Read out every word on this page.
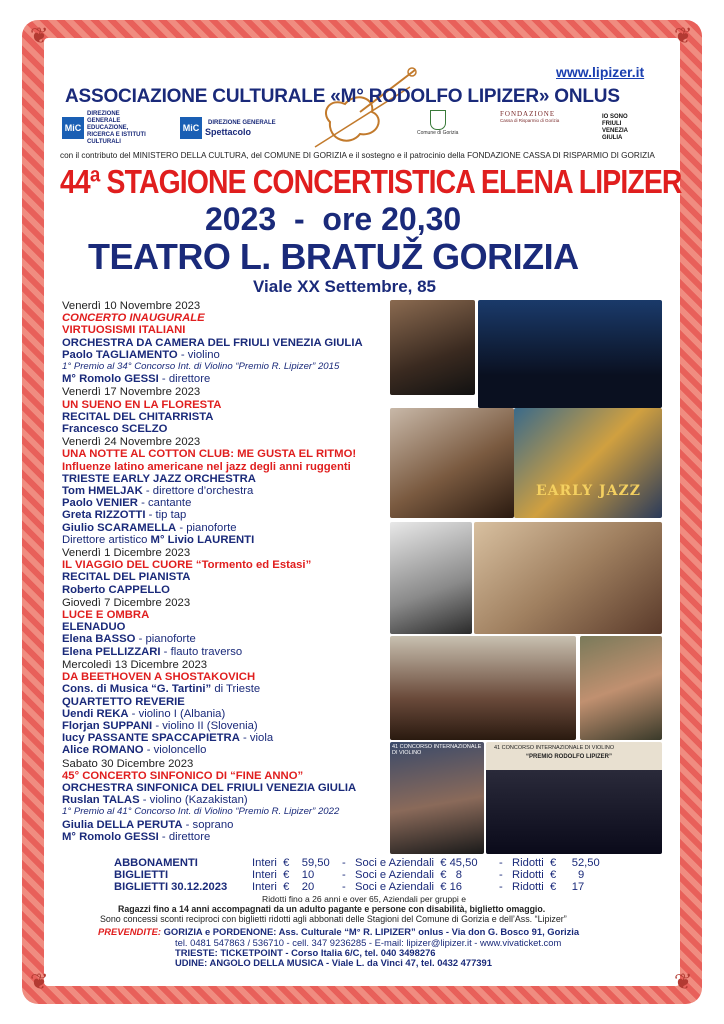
❦	❦
❦	❦
www.lipizer.it
ASSOCIAZIONE CULTURALE «M° RODOLFO LIPIZER» ONLUS
MiC
DIREZIONE GENERALE EDUCAZIONE, RICERCA E ISTITUTI CULTURALI
MiC
DIREZIONE GENERALE
Spettacolo	Comune di Gorizia
FONDAZIONE
Cassa di Risparmio di Gorizia
IO SONO FRIULI VENEZIA GIULIA
con il contributo del MINISTERO DELLA CULTURA, del COMUNE DI GORIZIA e il sostegno e il patrocinio della FONDAZIONE CASSA DI RISPARMIO DI GORIZIA
44ª STAGIONE CONCERTISTICA ELENA LIPIZER
2023  -  ore 20,30
TEATRO L. BRATUŽ GORIZIA
Viale XX Settembre, 85
Venerdì 10 Novembre 2023
CONCERTO INAUGURALE
VIRTUOSISMI ITALIANI
ORCHESTRA DA CAMERA DEL FRIULI VENEZIA GIULIA
Paolo TAGLIAMENTO - violino
1° Premio al 34° Concorso Int. di Violino “Premio R. Lipizer” 2015
M° Romolo GESSI - direttore
Venerdì 17 Novembre 2023
UN SUENO EN LA FLORESTA
RECITAL DEL CHITARRISTA
Francesco SCELZO
Venerdì 24 Novembre 2023
UNA NOTTE AL COTTON CLUB: ME GUSTA EL RITMO!
Influenze latino americane nel jazz degli anni ruggenti
TRIESTE EARLY JAZZ ORCHESTRA
Tom HMELJAK - direttore d’orchestra
Paolo VENIER - cantante
Greta RIZZOTTI - tip tap
Giulio SCARAMELLA - pianoforte
Direttore artistico M° Livio LAURENTI
Venerdì 1 Dicembre 2023
IL VIAGGIO DEL CUORE “Tormento ed Estasi”
RECITAL DEL PIANISTA
Roberto CAPPELLO
Giovedì 7 Dicembre 2023
LUCE E OMBRA
ELENADUO
Elena BASSO - pianoforte
Elena PELLIZZARI - flauto traverso
Mercoledì 13 Dicembre 2023
DA BEETHOVEN A SHOSTAKOVICH
Cons. di Musica “G. Tartini” di Trieste
QUARTETTO REVERIE
Uendi REKA - violino I (Albania)
Florjan SUPPANI - violino II (Slovenia)
Iucy PASSANTE SPACCAPIETRA - viola
Alice ROMANO - violoncello
Sabato 30 Dicembre 2023
45° CONCERTO SINFONICO DI “FINE ANNO”
ORCHESTRA SINFONICA DEL FRIULI VENEZIA GIULIA
Ruslan TALAS - violino (Kazakistan)
1° Premio al 41° Concorso Int. di Violino “Premio R. Lipizer” 2022
Giulia DELLA PERUTA - soprano
M° Romolo GESSI - direttore
EARLY JAZZ
41 CONCORSO INTERNAZIONALE DI VIOLINO
41 CONCORSO INTERNAZIONALE DI VIOLINO
“PREMIO RODOLFO LIPIZER”
ABBONAMENTI	Interi  €    59,50 -   Soci e Aziendali  € 45,50 -   Ridotti  €     52,50
BIGLIETTI	Interi  €    10 -   Soci e Aziendali  €   8	-   Ridotti  €       9
BIGLIETTI 30.12.2023 Interi  €    20 -   Soci e Aziendali  € 16	-   Ridotti  €     17
Ridotti fino a 26 anni e over 65, Aziendali per gruppi e
Ragazzi fino a 14 anni accompagnati da un adulto pagante e persone con disabilità, biglietto omaggio.
Sono concessi sconti reciproci con biglietti ridotti agli abbonati delle Stagioni del Comune di Gorizia e dell’Ass. “Lipizer”
PREVENDITE: GORIZIA e PORDENONE: Ass. Culturale “M° R. LIPIZER” onlus - Via don G. Bosco 91, Gorizia
tel. 0481 547863 / 536710 - cell. 347 9236285 - E-mail: lipizer@lipizer.it - www.vivaticket.com
TRIESTE: TICKETPOINT - Corso Italia 6/C, tel. 040 3498276
UDINE: ANGOLO DELLA MUSICA - Viale L. da Vinci 47, tel. 0432 477391
